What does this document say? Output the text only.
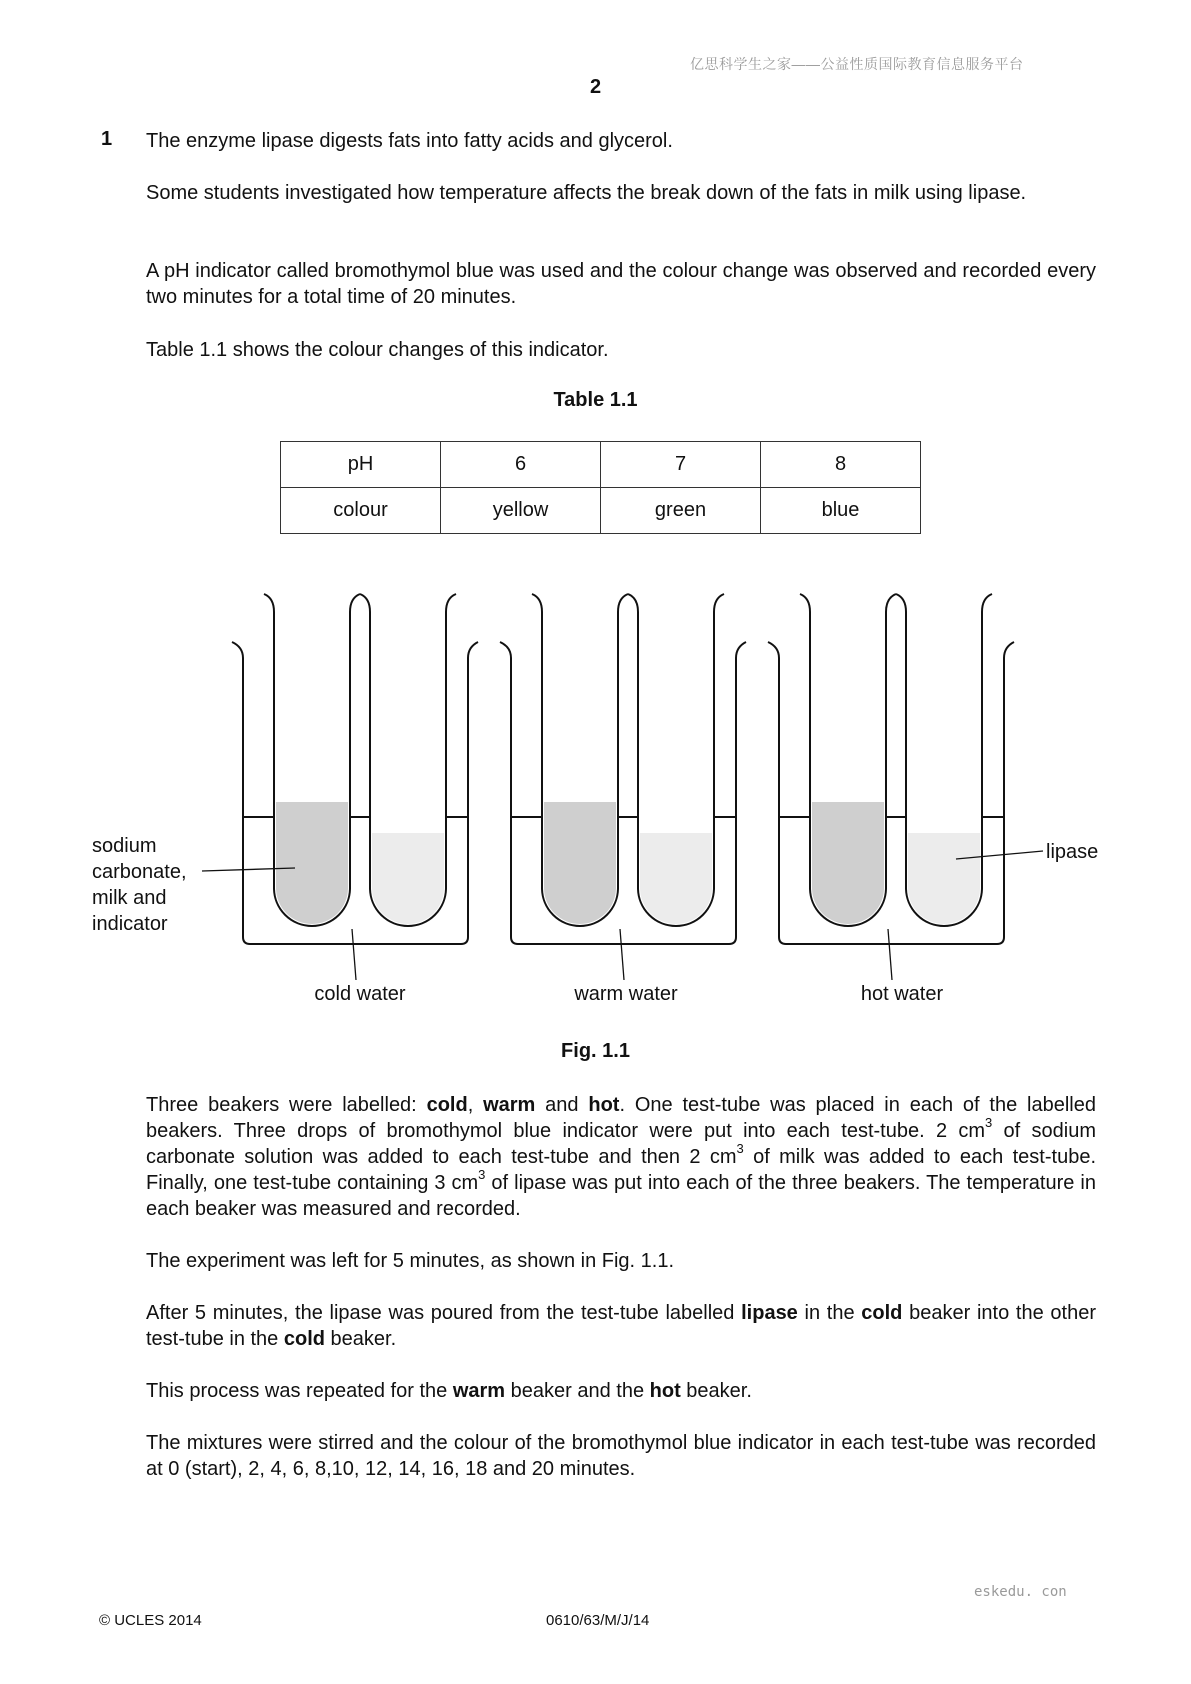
亿思科学生之家——公益性质国际教育信息服务平台
2
1 The enzyme lipase digests fats into fatty acids and glycerol.
Some students investigated how temperature affects the break down of the fats in milk using lipase.
A pH indicator called bromothymol blue was used and the colour change was observed and recorded every two minutes for a total time of 20 minutes.
Table 1.1 shows the colour changes of this indicator.
Table 1.1
pH	6	7	8
colour	yellow	green	blue
sodium
carbonate,
milk and
indicator
lipase
cold water	warm water	hot water
Fig. 1.1
Three beakers were labelled: cold, warm and hot. One test-tube was placed in each of the labelled beakers. Three drops of bromothymol blue indicator were put into each test-tube. 2 $cm^3$ of sodium carbonate solution was added to each test-tube and then 2 $cm^3$ of milk was added to each test-tube. Finally, one test-tube containing 3 $cm^3$ of lipase was put into each of the three beakers. The temperature in each beaker was measured and recorded.
The experiment was left for 5 minutes, as shown in Fig. 1.1.
After 5 minutes, the lipase was poured from the test-tube labelled lipase in the cold beaker into the other test-tube in the cold beaker.
This process was repeated for the warm beaker and the hot beaker.
The mixtures were stirred and the colour of the bromothymol blue indicator in each test-tube was recorded at 0 (start), 2, 4, 6, 8,10, 12, 14, 16, 18 and 20 minutes.
eskedu. con
© UCLES 2014	0610/63/M/J/14
